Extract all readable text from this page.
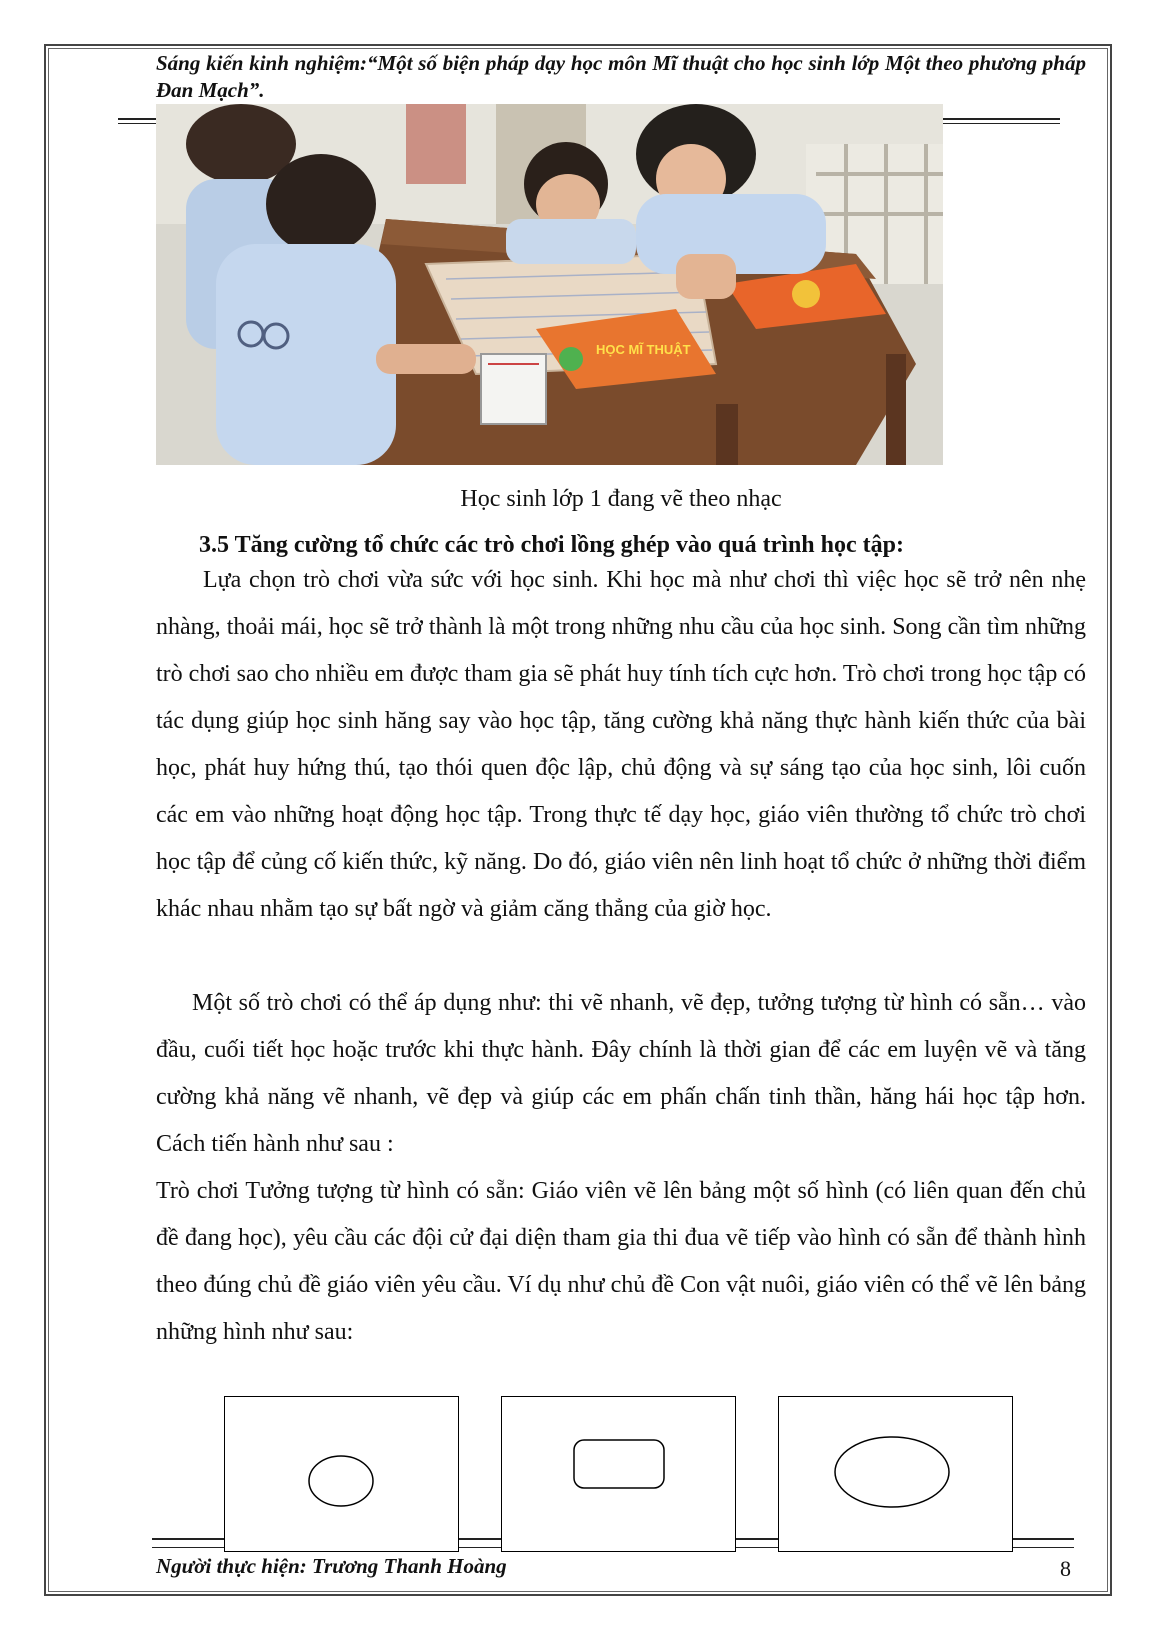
Sáng kiến kinh nghiệm:“Một số biện pháp dạy học môn Mĩ thuật cho học sinh lớp Một theo phương pháp Đan Mạch”.
HỌC MĨ THUẬT
Học sinh lớp 1 đang vẽ theo nhạc
3.5 Tăng cường tổ chức các trò chơi lồng ghép vào quá trình học tập:

Lựa chọn trò chơi vừa sức với học sinh. Khi học mà như chơi thì việc học sẽ trở nên nhẹ nhàng, thoải mái, học sẽ trở thành là một trong những nhu cầu của học sinh. Song cần tìm những trò chơi sao cho nhiều em được tham gia sẽ phát huy tính tích cực hơn. Trò chơi trong học tập có tác dụng giúp học sinh hăng say vào học tập, tăng cường khả năng thực hành kiến thức của bài học, phát huy hứng thú, tạo thói quen độc lập, chủ động và sự sáng tạo của học sinh, lôi cuốn các em vào những hoạt động học tập. Trong thực tế dạy học, giáo viên thường tổ chức trò chơi học tập để củng cố kiến thức, kỹ năng. Do đó, giáo viên nên linh hoạt tổ chức ở những thời điểm khác nhau nhằm tạo sự bất ngờ và giảm căng thẳng của giờ học.

Một số trò chơi có thể áp dụng như: thi vẽ nhanh, vẽ đẹp, tưởng tượng từ hình có sẵn… vào đầu, cuối tiết học hoặc trước khi thực hành. Đây chính là thời gian để các em luyện vẽ và tăng cường khả năng vẽ nhanh, vẽ đẹp và giúp các em phấn chấn tinh thần, hăng hái học tập hơn. Cách tiến hành như sau :

Trò chơi Tưởng tượng từ hình có sẵn: Giáo viên vẽ lên bảng một số hình (có liên quan đến chủ đề đang học), yêu cầu các đội cử đại diện tham gia thi đua vẽ tiếp vào hình có sẵn để thành hình theo đúng chủ đề giáo viên yêu cầu. Ví dụ như chủ đề Con vật nuôi, giáo viên có thể vẽ lên bảng những hình như sau:

Người thực hiện: Trương Thanh Hoàng	8
